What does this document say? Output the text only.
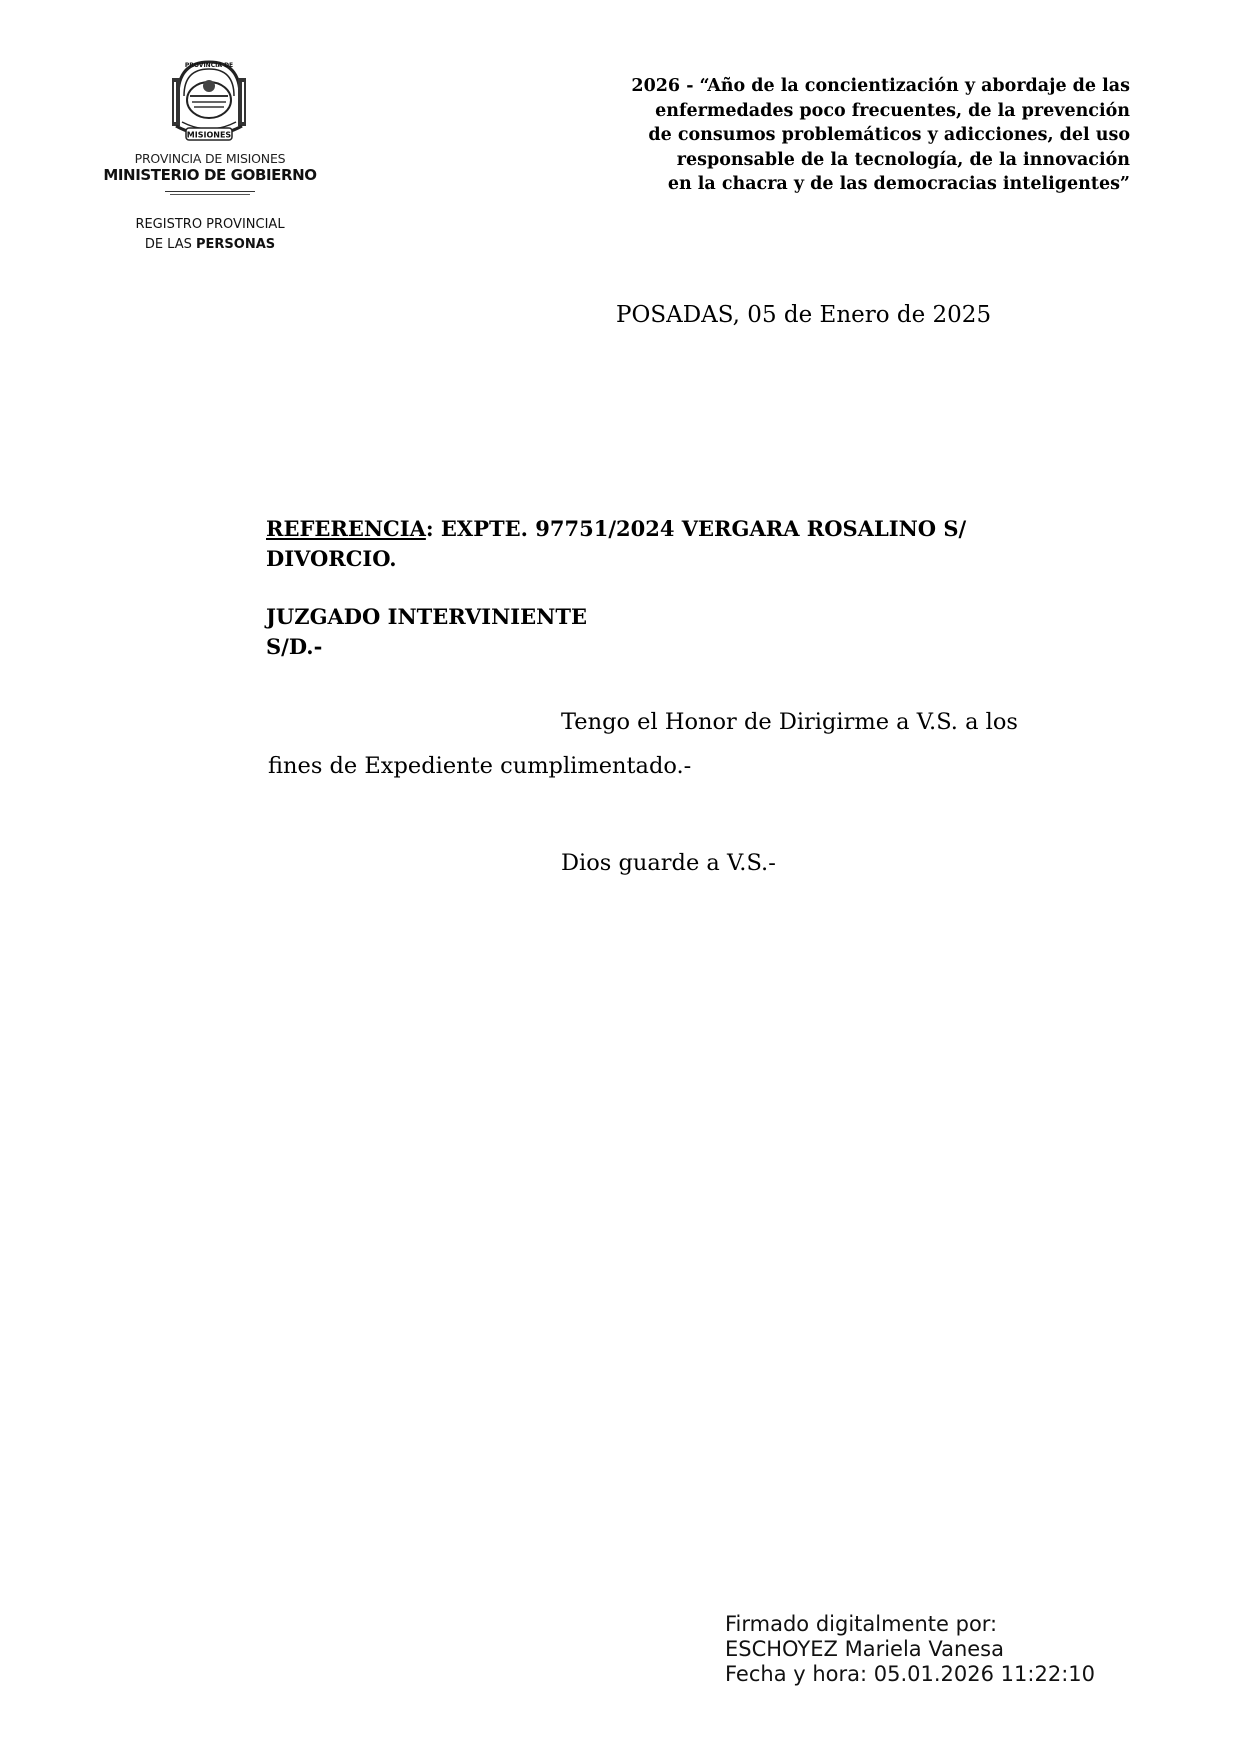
MISIONES
PROVINCIA DE
PROVINCIA DE MISIONES
MINISTERIO DE GOBIERNO
REGISTRO PROVINCIAL
DE LAS PERSONAS
2026 - “Año de la concientización y abordaje de las
enfermedades poco frecuentes, de la prevención
de consumos problemáticos y adicciones, del uso
responsable de la tecnología, de la innovación
en la chacra y de las democracias inteligentes”
POSADAS, 05 de Enero de 2025
REFERENCIA: EXPTE. 97751/2024 VERGARA ROSALINO S/
DIVORCIO.
JUZGADO INTERVINIENTE
S/D.-
Tengo el Honor de Dirigirme a V.S. a los
fines de Expediente cumplimentado.-
Dios guarde a V.S.-
Firmado digitalmente por:
ESCHOYEZ Mariela Vanesa
Fecha y hora: 05.01.2026 11:22:10
